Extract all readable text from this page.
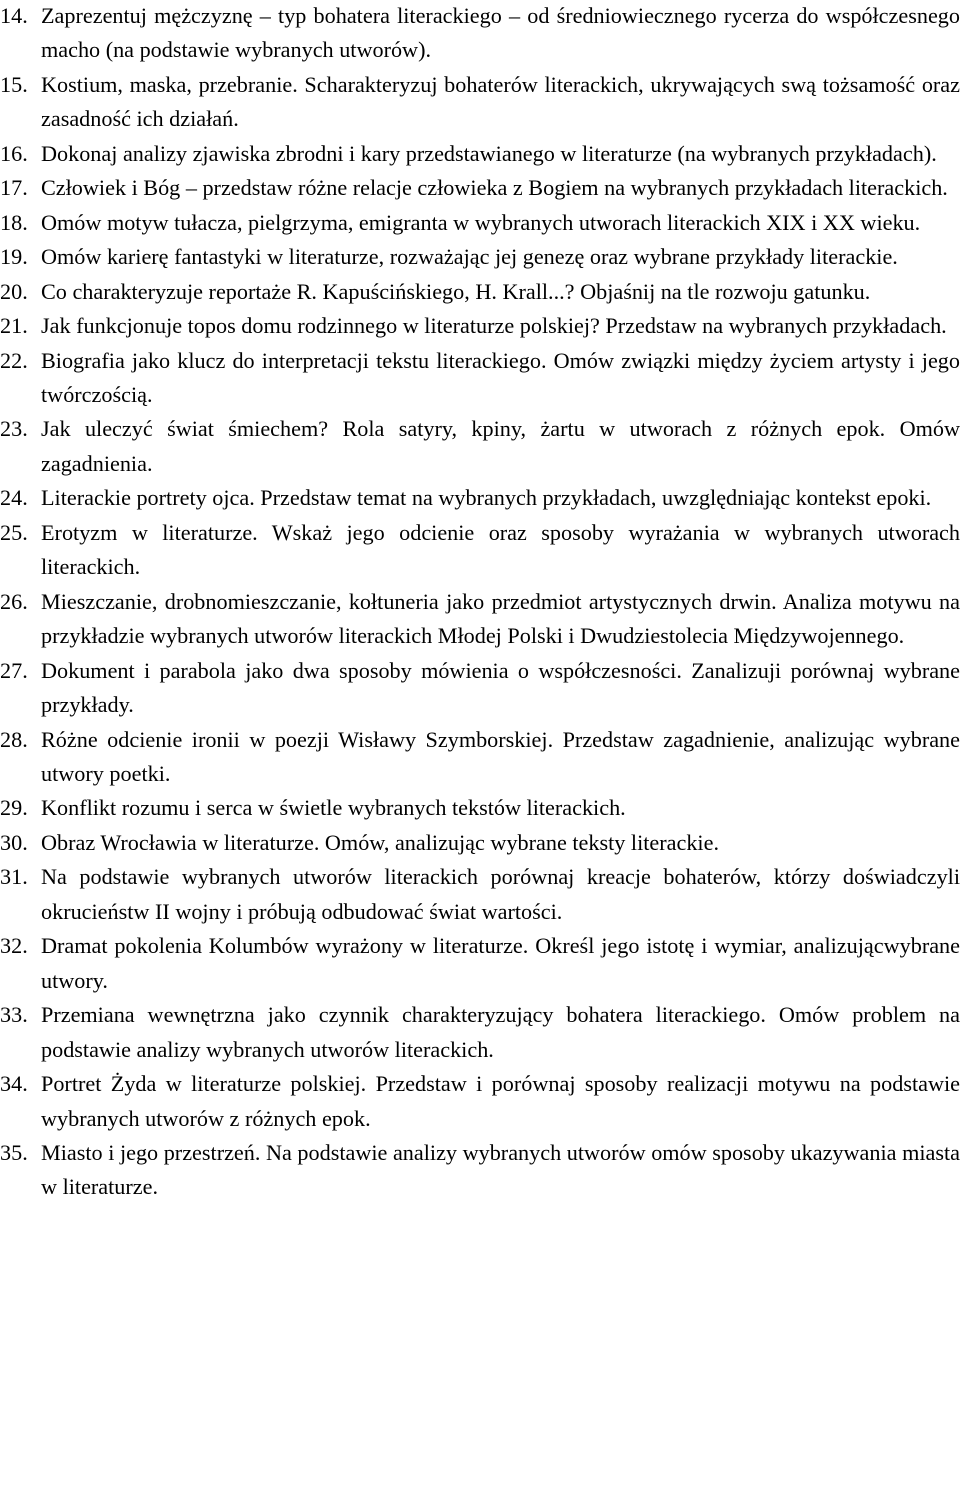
14. Zaprezentuj mężczyznę – typ bohatera literackiego – od średniowiecznego rycerza do współczesnego macho (na podstawie wybranych utworów).
15. Kostium, maska, przebranie. Scharakteryzuj bohaterów literackich, ukrywających swą tożsamość oraz zasadność ich działań.
16. Dokonaj analizy zjawiska zbrodni i kary przedstawianego w literaturze (na wybranych przykładach).
17. Człowiek i Bóg – przedstaw różne relacje człowieka z Bogiem na wybranych przykładach literackich.
18. Omów motyw tułacza, pielgrzyma, emigranta w wybranych utworach literackich XIX i XX wieku.
19. Omów karierę fantastyki w literaturze, rozważając jej genezę oraz wybrane przykłady literackie.
20. Co charakteryzuje reportaże R. Kapuścińskiego, H. Krall...? Objaśnij na tle rozwoju gatunku.
21. Jak funkcjonuje topos domu rodzinnego w literaturze polskiej? Przedstaw na wybranych przykładach.
22. Biografia jako klucz do interpretacji tekstu literackiego. Omów związki między życiem artysty i jego twórczością.
23. Jak uleczyć świat śmiechem? Rola satyry, kpiny, żartu w utworach z różnych epok. Omów zagadnienia.
24. Literackie portrety ojca. Przedstaw temat na wybranych przykładach, uwzględniając kontekst epoki.
25. Erotyzm w literaturze. Wskaż jego odcienie oraz sposoby wyrażania w wybranych utworach literackich.
26. Mieszczanie, drobnomieszczanie, kołtuneria jako przedmiot artystycznych drwin. Analiza motywu na przykładzie wybranych utworów literackich Młodej Polski i Dwudziestolecia Międzywojennego.
27. Dokument i parabola jako dwa sposoby mówienia o współczesności. Zanalizuji porównaj wybrane przykłady.
28. Różne odcienie ironii w poezji Wisławy Szymborskiej. Przedstaw zagadnienie, analizując wybrane utwory poetki.
29. Konflikt rozumu i serca w świetle wybranych tekstów literackich.
30. Obraz Wrocławia w literaturze. Omów, analizując wybrane teksty literackie.
31. Na podstawie wybranych utworów literackich porównaj kreacje bohaterów, którzy doświadczyli okrucieństw II wojny i próbują odbudować świat wartości.
32. Dramat pokolenia Kolumbów wyrażony w literaturze. Określ jego istotę i wymiar, analizującwybrane utwory.
33. Przemiana wewnętrzna jako czynnik charakteryzujący bohatera literackiego. Omów problem na podstawie analizy wybranych utworów literackich.
34. Portret Żyda w literaturze polskiej. Przedstaw i porównaj sposoby realizacji motywu na podstawie wybranych utworów z różnych epok.
35. Miasto i jego przestrzeń. Na podstawie analizy wybranych utworów omów sposoby ukazywania miasta w literaturze.
